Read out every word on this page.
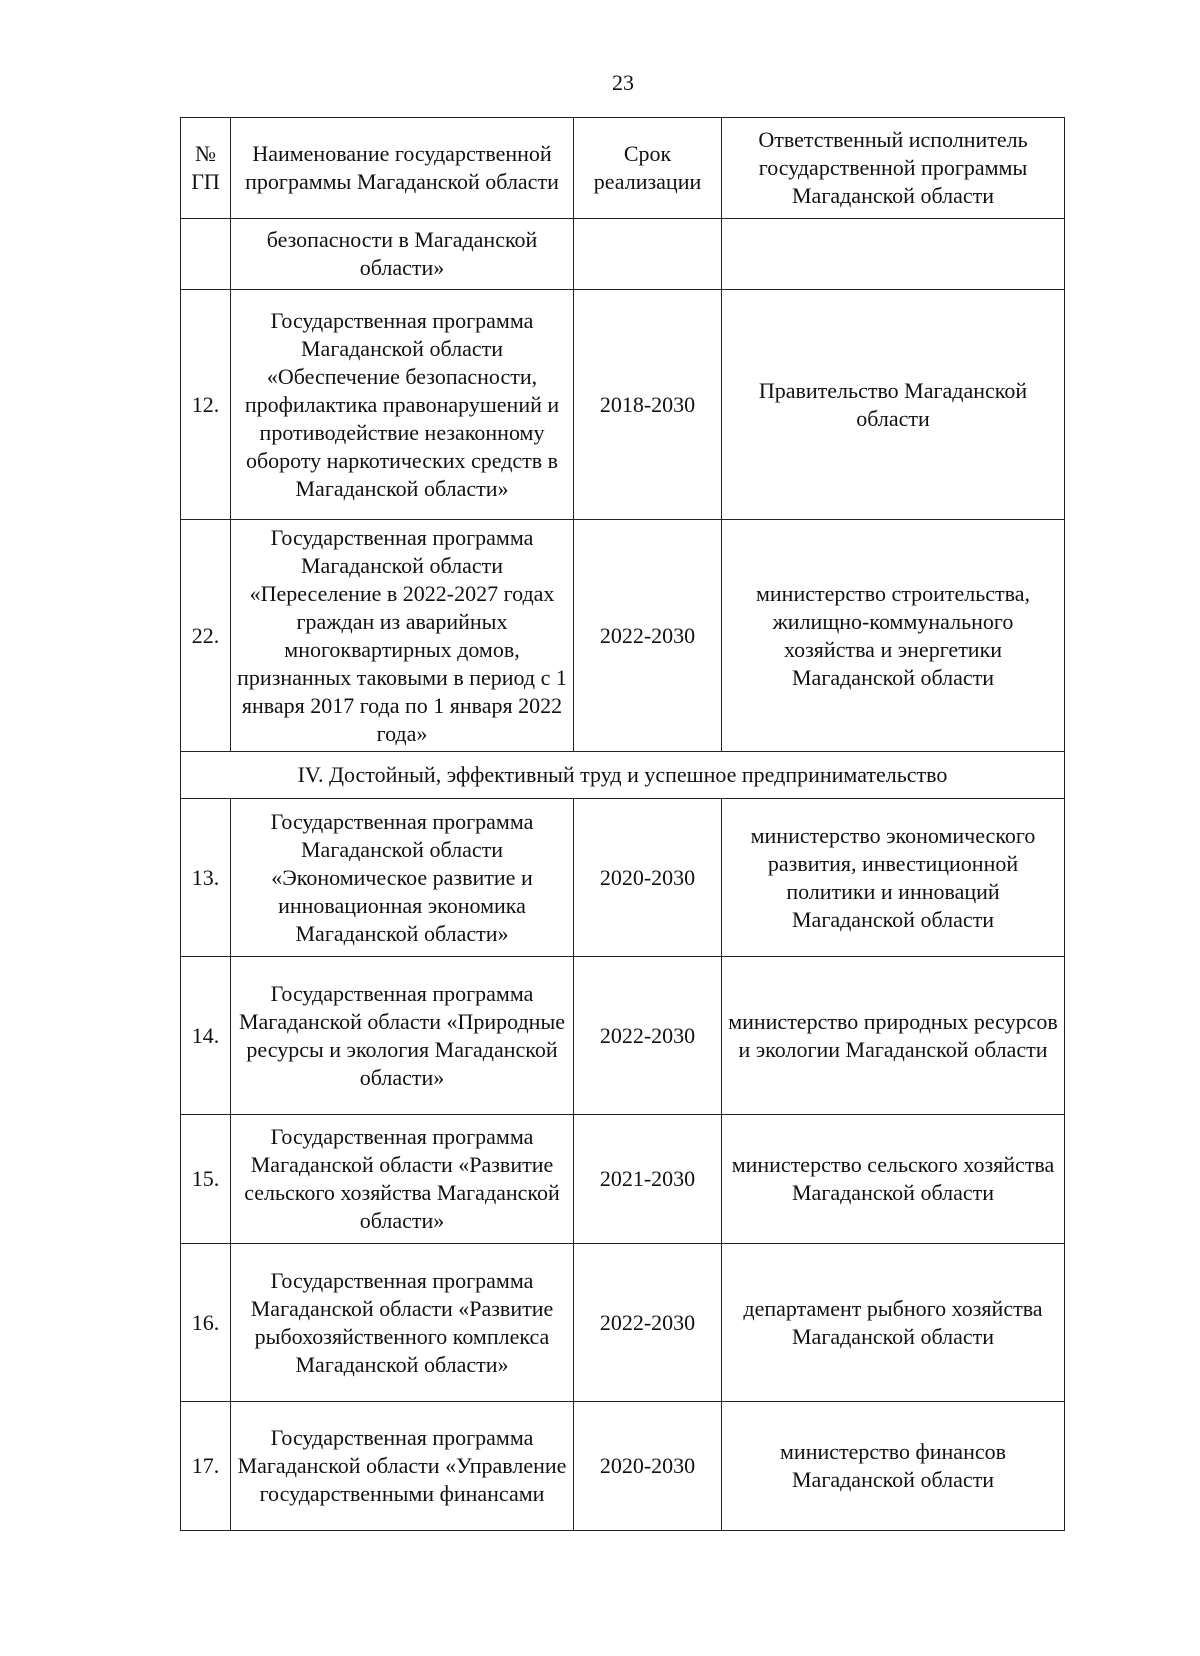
23
№ ГП	Наименование государственной программы Магаданской области	Срок реализации	Ответственный исполнитель государственной программы Магаданской области
	безопасности в Магаданской области»		
12.	Государственная программа Магаданской области «Обеспечение безопасности, профилактика правонарушений и противодействие незаконному обороту наркотических средств в Магаданской области»	2018-2030	Правительство Магаданской области
22.	Государственная программа Магаданской области «Переселение в 2022-2027 годах граждан из аварийных многоквартирных домов, признанных таковыми в период с 1 января 2017 года по 1 января 2022 года»	2022-2030	министерство строительства, жилищно-коммунального хозяйства и энергетики Магаданской области
IV. Достойный, эффективный труд и успешное предпринимательство			
13.	Государственная программа Магаданской области «Экономическое развитие и инновационная экономика Магаданской области»	2020-2030	министерство экономического развития, инвестиционной политики и инноваций Магаданской области
14.	Государственная программа Магаданской области «Природные ресурсы и экология Магаданской области»	2022-2030	министерство природных ресурсов и экологии Магаданской области
15.	Государственная программа Магаданской области «Развитие сельского хозяйства Магаданской области»	2021-2030	министерство сельского хозяйства Магаданской области
16.	Государственная программа Магаданской области «Развитие рыбохозяйственного комплекса Магаданской области»	2022-2030	департамент рыбного хозяйства Магаданской области
17.	Государственная программа Магаданской области «Управление государственными финансами	2020-2030	министерство финансов Магаданской области
